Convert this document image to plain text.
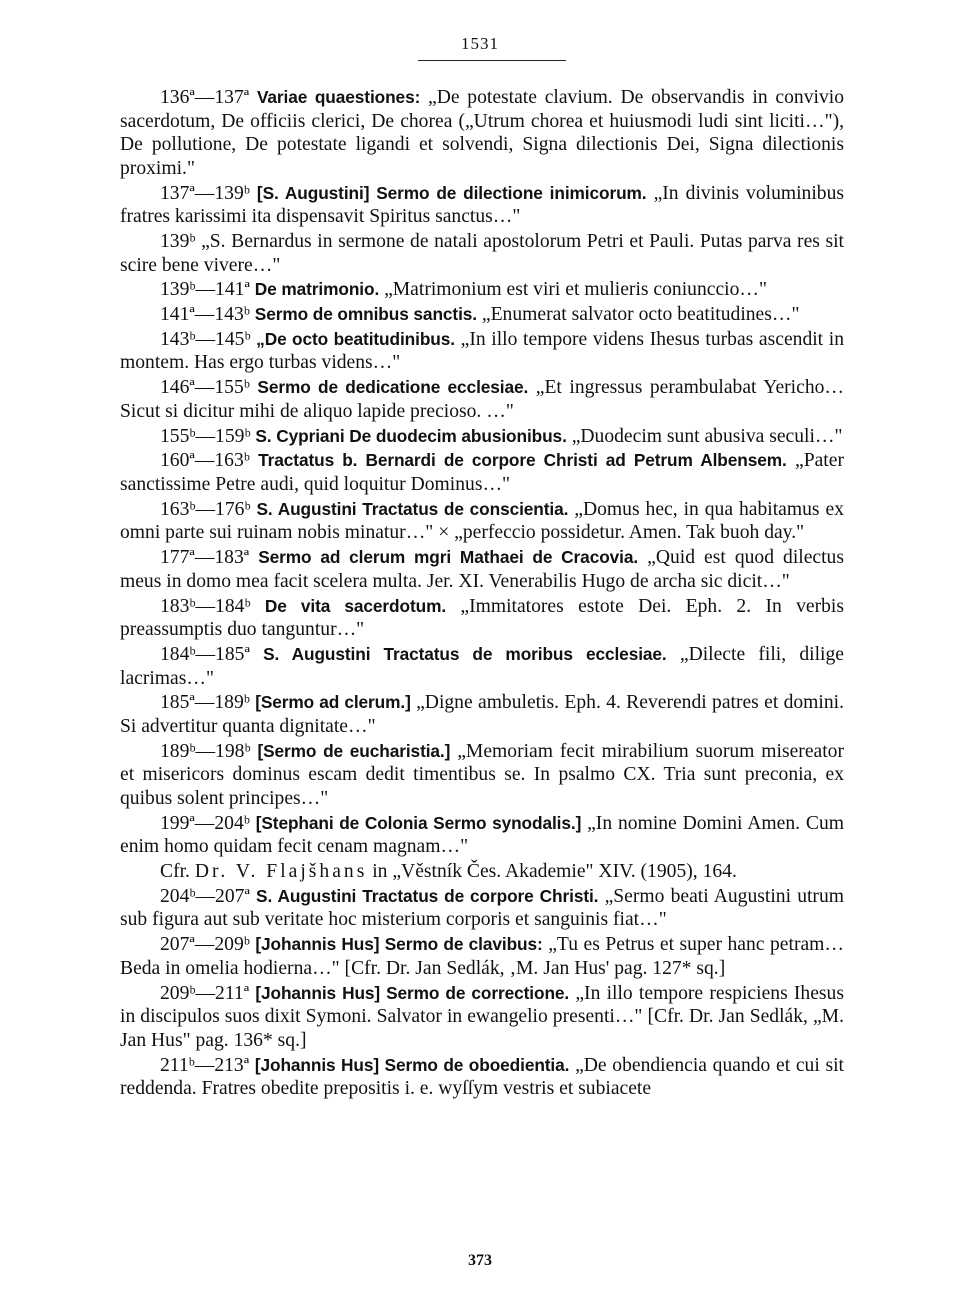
1531

136ª—137ª Variae quaestiones: „De potestate clavium. De observandis in convivio sacerdotum, De officiis clerici, De chorea („Utrum chorea et huiusmodi ludi sint liciti…"), De pollutione, De potestate ligandi et solvendi, Signa dilectionis Dei, Signa dilectionis proximi."

137ª—139ᵇ [S. Augustini] Sermo de dilectione inimicorum. „In divinis voluminibus fratres karissimi ita dispensavit Spiritus sanctus…"

139ᵇ „S. Bernardus in sermone de natali apostolorum Petri et Pauli. Putas parva res sit scire bene vivere…"

139ᵇ—141ª De matrimonio. „Matrimonium est viri et mulieris coniunccio…"

141ª—143ᵇ Sermo de omnibus sanctis. „Enumerat salvator octo beatitudines…"

143ᵇ—145ᵇ „De octo beatitudinibus. „In illo tempore videns Ihesus turbas ascendit in montem. Has ergo turbas videns…"

146ª—155ᵇ Sermo de dedicatione ecclesiae. „Et ingressus perambulabat Yericho… Sicut si dicitur mihi de aliquo lapide precioso. …"

155ᵇ—159ᵇ S. Cypriani De duodecim abusionibus. „Duodecim sunt abusiva seculi…"

160ª—163ᵇ Tractatus b. Bernardi de corpore Christi ad Petrum Albensem. „Pater sanctissime Petre audi, quid loquitur Dominus…"

163ᵇ—176ᵇ S. Augustini Tractatus de conscientia. „Domus hec, in qua habitamus ex omni parte sui ruinam nobis minatur…" × „perfeccio possidetur. Amen. Tak buoh day."

177ª—183ª Sermo ad clerum mgri Mathaei de Cracovia. „Quid est quod dilectus meus in domo mea facit scelera multa. Jer. XI. Venerabilis Hugo de archa sic dicit…"

183ᵇ—184ᵇ De vita sacerdotum. „Immitatores estote Dei. Eph. 2. In verbis preassumptis duo tanguntur…"

184ᵇ—185ª S. Augustini Tractatus de moribus ecclesiae. „Dilecte fili, dilige lacrimas…"

185ª—189ᵇ [Sermo ad clerum.] „Digne ambuletis. Eph. 4. Reverendi patres et domini. Si advertitur quanta dignitate…"

189ᵇ—198ᵇ [Sermo de eucharistia.] „Memoriam fecit mirabilium suorum misereator et misericors dominus escam dedit timentibus se. In psalmo CX. Tria sunt preconia, ex quibus solent principes…"

199ª—204ᵇ [Stephani de Colonia Sermo synodalis.] „In nomine Domini Amen. Cum enim homo quidam fecit cenam magnam…"

Cfr. Dr. V. Flajšhans in „Věstník Čes. Akademie" XIV. (1905), 164.

204ᵇ—207ª S. Augustini Tractatus de corpore Christi. „Sermo beati Augustini utrum sub figura aut sub veritate hoc misterium corporis et sanguinis fiat…"

207ª—209ᵇ [Johannis Hus] Sermo de clavibus: „Tu es Petrus et super hanc petram… Beda in omelia hodierna…" [Cfr. Dr. Jan Sedlák, ‚M. Jan Hus' pag. 127* sq.]

209ᵇ—211ª [Johannis Hus] Sermo de correctione. „In illo tempore respiciens Ihesus in discipulos suos dixit Symoni. Salvator in ewangelio presenti…" [Cfr. Dr. Jan Sedlák, „M. Jan Hus" pag. 136* sq.]

211ᵇ—213ª [Johannis Hus] Sermo de oboedientia. „De obendiencia quando et cui sit reddenda. Fratres obedite prepositis i. e. wyſſym vestris et subiacete

373
